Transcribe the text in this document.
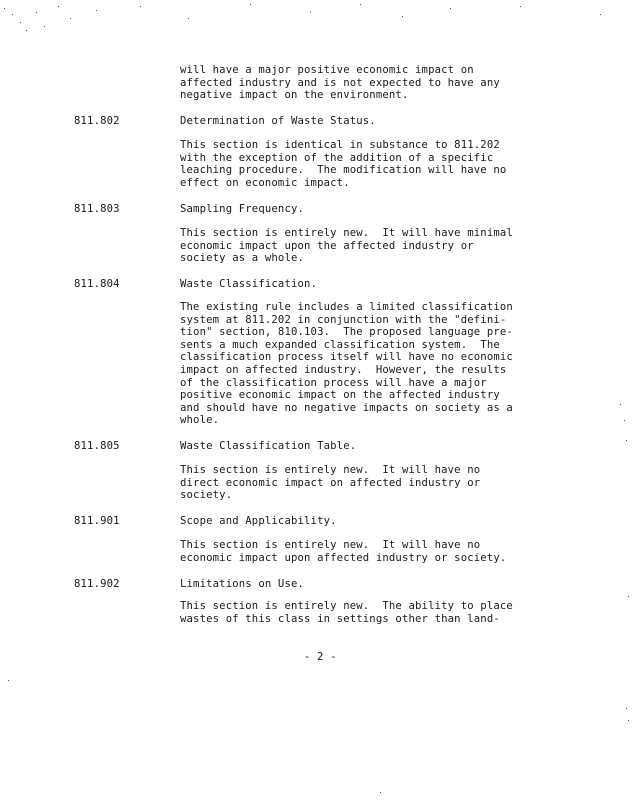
will have a major positive economic impact on
affected industry and is not expected to have any
negative impact on the environment.

811.802	Determination of Waste Status.

This section is identical in substance to 811.202
with the exception of the addition of a specific
leaching procedure.  The modification will have no
effect on economic impact.

811.803	Sampling Frequency.

This section is entirely new.  It will have minimal
economic impact upon the affected industry or
society as a whole.

811.804	Waste Classification.

The existing rule includes a limited classification
system at 811.202 in conjunction with the "defini-
tion" section, 810.103.  The proposed language pre-
sents a much expanded classification system.  The
classification process itself will have no economic
impact on affected industry.  However, the results
of the classification process will have a major
positive economic impact on the affected industry
and should have no negative impacts on society as a
whole.

811.805	Waste Classification Table.

This section is entirely new.  It will have no
direct economic impact on affected industry or
society.

811.901	Scope and Applicability.

This section is entirely new.  It will have no
economic impact upon affected industry or society.

811.902	Limitations on Use.

This section is entirely new.  The ability to place
wastes of this class in settings other than land-

- 2 -
